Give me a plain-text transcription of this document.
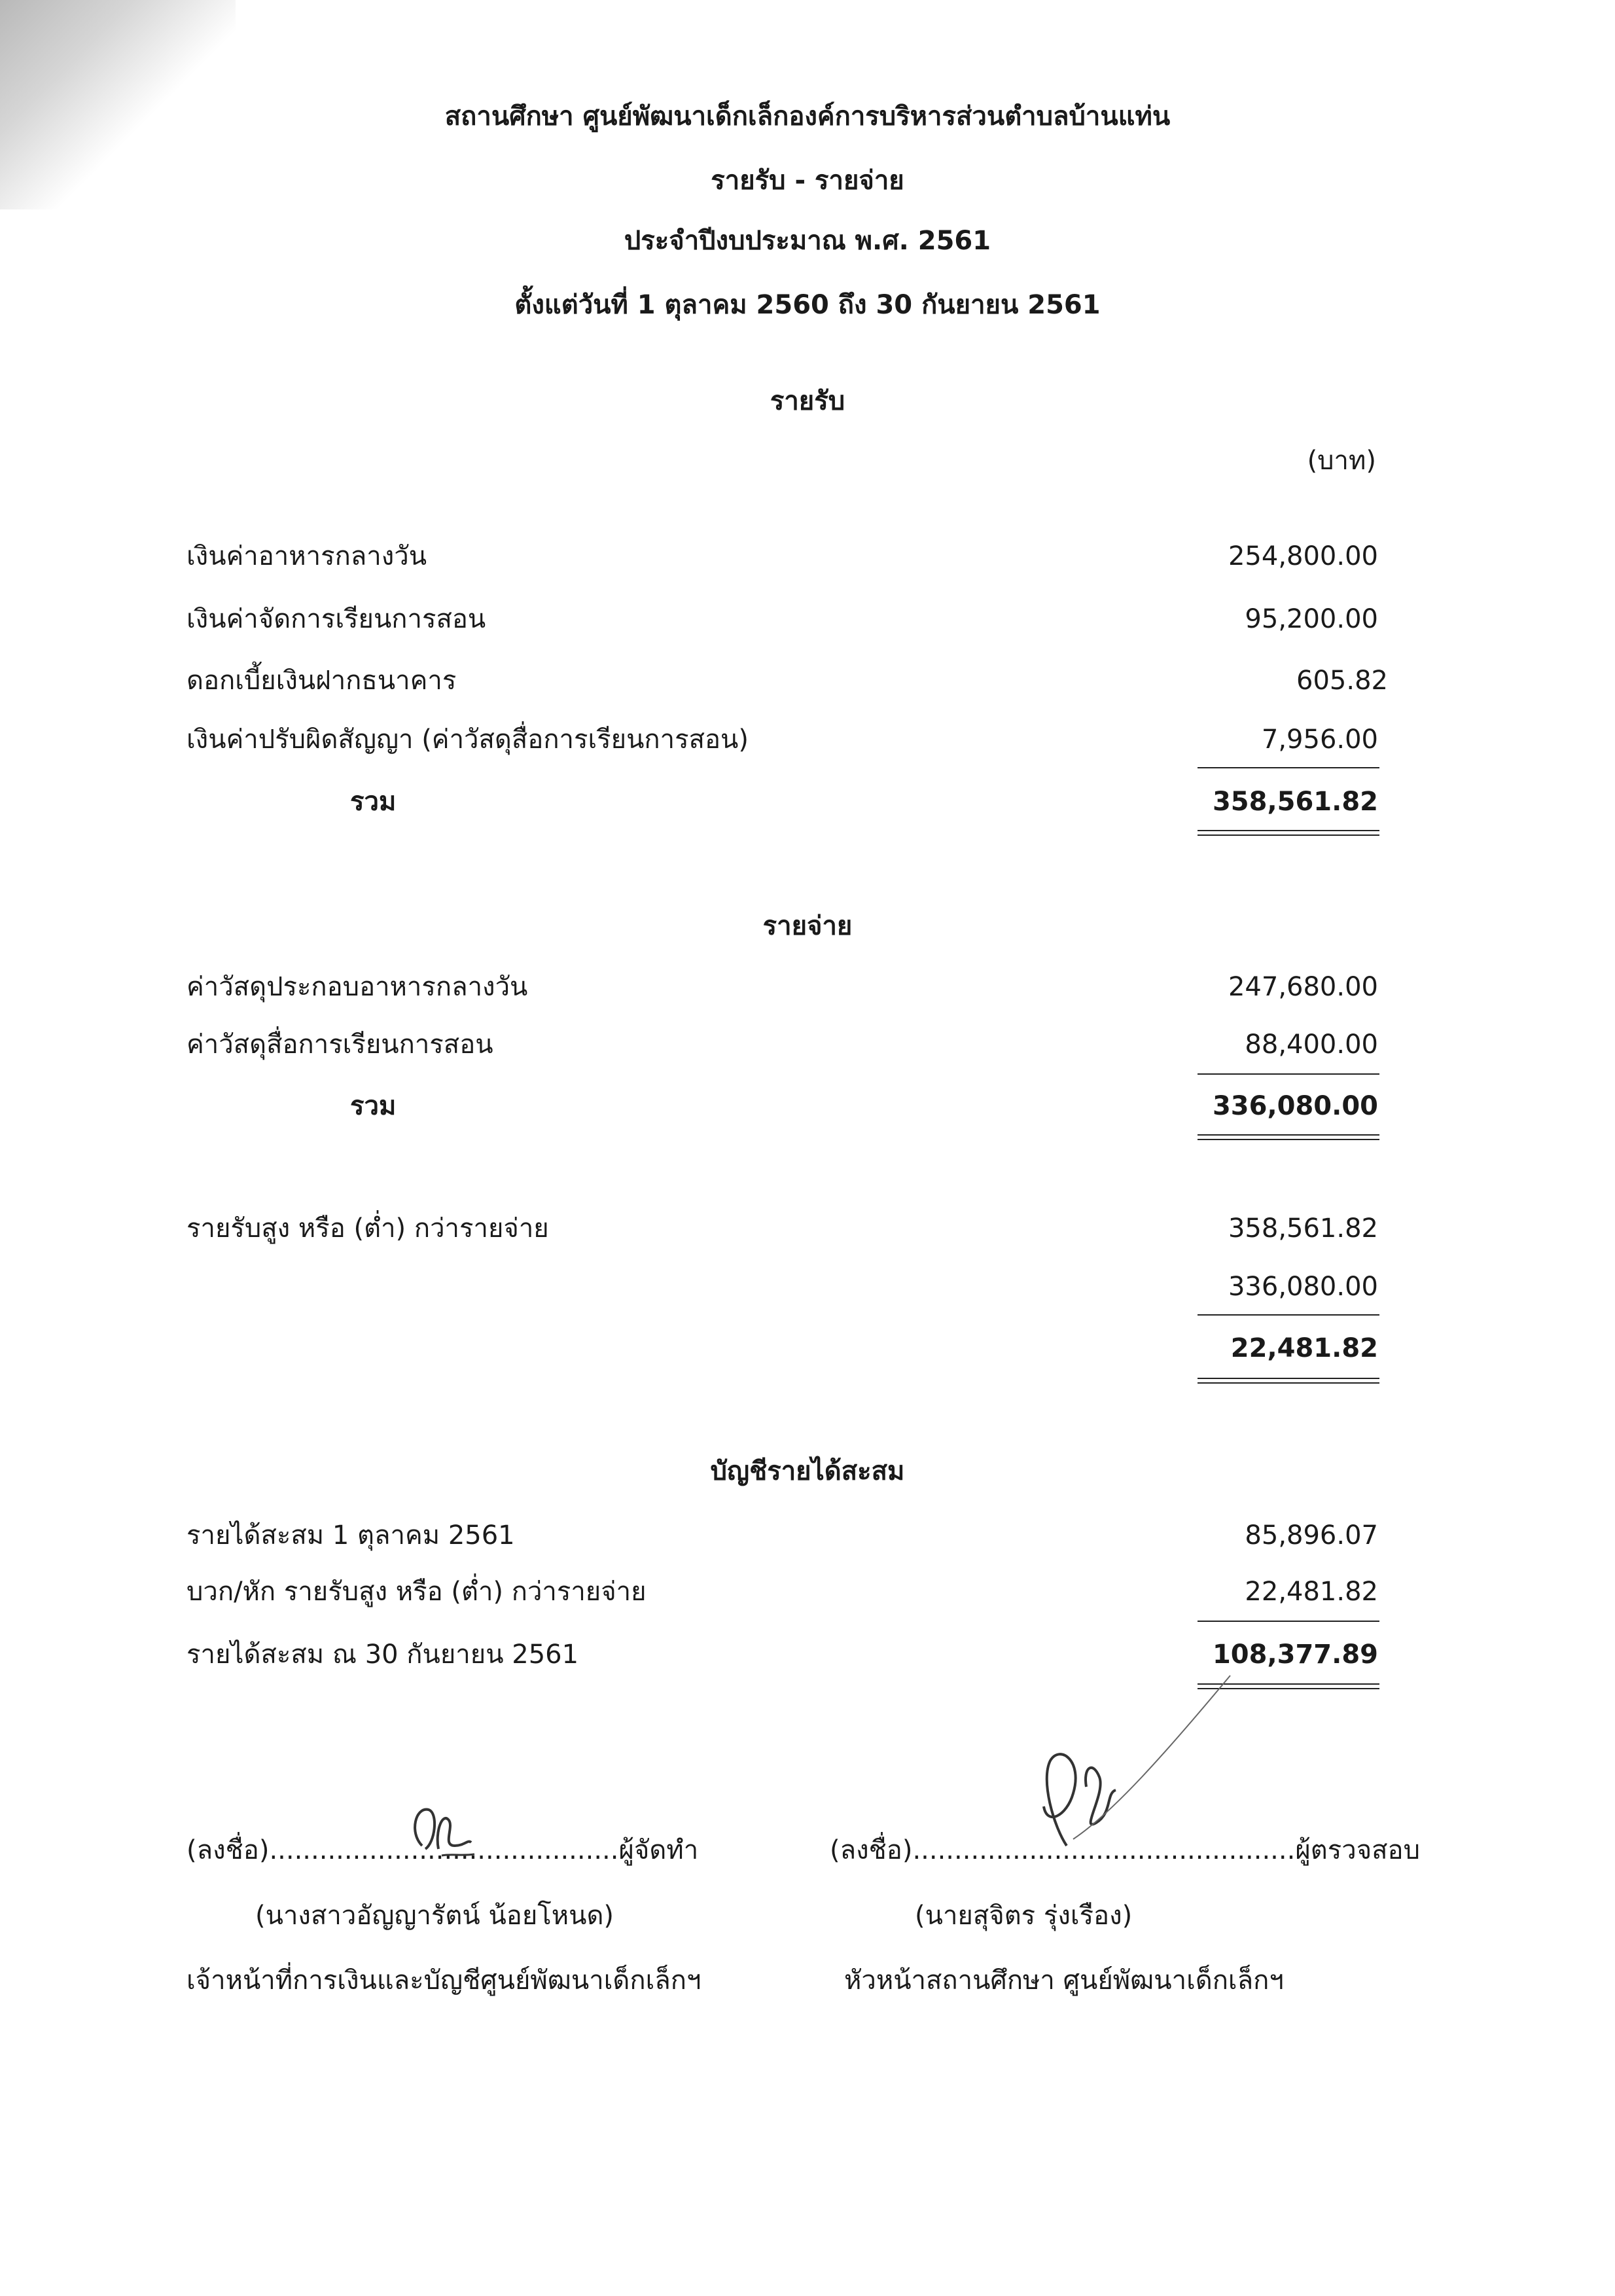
สถานศึกษา ศูนย์พัฒนาเด็กเล็กองค์การบริหารส่วนตำบลบ้านแท่น
รายรับ - รายจ่าย
ประจำปีงบประมาณ พ.ศ. 2561
ตั้งแต่วันที่ 1 ตุลาคม 2560 ถึง 30 กันยายน 2561
รายรับ
(บาท)
เงินค่าอาหารกลางวัน	254,800.00
เงินค่าจัดการเรียนการสอน	95,200.00
ดอกเบี้ยเงินฝากธนาคาร	605.82
เงินค่าปรับผิดสัญญา (ค่าวัสดุสื่อการเรียนการสอน)	7,956.00
รวม	358,561.82
รายจ่าย
ค่าวัสดุประกอบอาหารกลางวัน	247,680.00
ค่าวัสดุสื่อการเรียนการสอน	88,400.00
รวม	336,080.00
รายรับสูง หรือ (ต่ำ) กว่ารายจ่าย	358,561.82
336,080.00
22,481.82
บัญชีรายได้สะสม
รายได้สะสม 1 ตุลาคม 2561	85,896.07
บวก/หัก รายรับสูง หรือ (ต่ำ) กว่ารายจ่าย	22,481.82
รายได้สะสม ณ 30 กันยายน 2561	108,377.89
(ลงชื่อ)..........................................ผู้จัดทำ
(นางสาวอัญญารัตน์ น้อยโหนด)
เจ้าหน้าที่การเงินและบัญชีศูนย์พัฒนาเด็กเล็กฯ
(ลงชื่อ)..............................................ผู้ตรวจสอบ
(นายสุจิตร รุ่งเรือง)
หัวหน้าสถานศึกษา ศูนย์พัฒนาเด็กเล็กฯ
